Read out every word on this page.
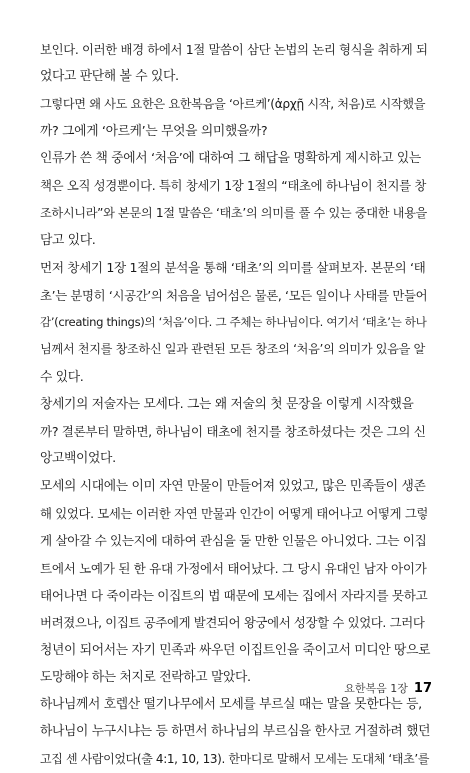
보인다. 이러한 배경 하에서 1절 말씀이 삼단 논법의 논리 형식을 취하게 되

었다고 판단해 볼 수 있다.

그렇다면 왜 사도 요한은 요한복음을 ‘아르케’(ἀρχῇ 시작, 처음)로 시작했을

까? 그에게 ‘아르케’는 무엇을 의미했을까?

인류가 쓴 책 중에서 ‘처음’에 대하여 그 해답을 명확하게 제시하고 있는

책은 오직 성경뿐이다. 특히 창세기 1장 1절의 “태초에 하나님이 천지를 창

조하시니라”와 본문의 1절 말씀은 ‘태초’의 의미를 풀 수 있는 중대한 내용을

담고 있다.

먼저 창세기 1장 1절의 분석을 통해 ‘태초’의 의미를 살펴보자. 본문의 ‘태

초’는 분명히 ‘시공간’의 처음을 넘어섬은 물론, ‘모든 일이나 사태를 만들어

감’(creating things)의 ‘처음’이다. 그 주체는 하나님이다. 여기서 ‘태초’는 하나

님께서 천지를 창조하신 일과 관련된 모든 창조의 ‘처음’의 의미가 있음을 알

수 있다.

창세기의 저술자는 모세다. 그는 왜 저술의 첫 문장을 이렇게 시작했을

까? 결론부터 말하면, 하나님이 태초에 천지를 창조하셨다는 것은 그의 신

앙고백이었다.

모세의 시대에는 이미 자연 만물이 만들어져 있었고, 많은 민족들이 생존

해 있었다. 모세는 이러한 자연 만물과 인간이 어떻게 태어나고 어떻게 그렇

게 살아갈 수 있는지에 대하여 관심을 둘 만한 인물은 아니었다. 그는 이집

트에서 노예가 된 한 유대 가정에서 태어났다. 그 당시 유대인 남자 아이가

태어나면 다 죽이라는 이집트의 법 때문에 모세는 집에서 자라지를 못하고

버려졌으나, 이집트 공주에게 발견되어 왕궁에서 성장할 수 있었다. 그러다

청년이 되어서는 자기 민족과 싸우던 이집트인을 죽이고서 미디안 땅으로

도망해야 하는 처지로 전락하고 말았다.

하나님께서 호렙산 떨기나무에서 모세를 부르실 때는 말을 못한다는 등,

하나님이 누구시냐는 등 하면서 하나님의 부르심을 한사코 거절하려 했던

고집 센 사람이었다(출 4:1, 10, 13). 한마디로 말해서 모세는 도대체 ‘태초’를

요한복음 1장 17
